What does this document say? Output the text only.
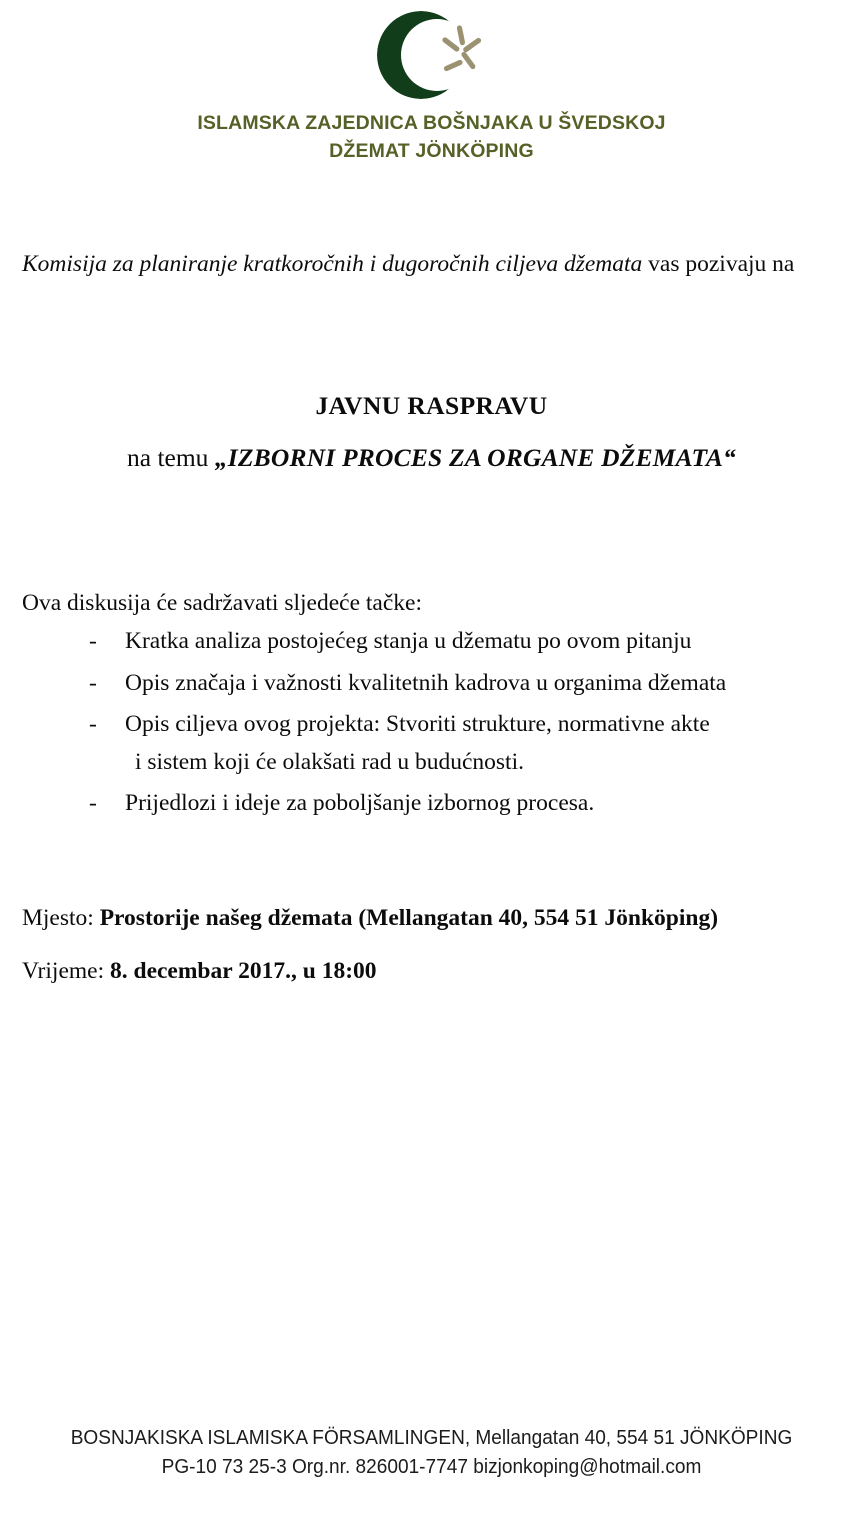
ISLAMSKA ZAJEDNICA BOŠNJAKA U ŠVEDSKOJ
DŽEMAT JÖNKÖPING
Komisija za planiranje kratkoročnih i dugoročnih ciljeva džemata vas pozivaju na
JAVNU RASPRAVU
na temu „IZBORNI PROCES ZA ORGANE DŽEMATA“
Ova diskusija će sadržavati sljedeće tačke:
- Kratka analiza postojećeg stanja u džematu po ovom pitanju
- Opis značaja i važnosti kvalitetnih kadrova u organima džemata
- Opis ciljeva ovog projekta: Stvoriti strukture, normativne akte
i sistem koji će olakšati rad u budućnosti.
- Prijedlozi i ideje za poboljšanje izbornog procesa.
Mjesto: Prostorije našeg džemata (Mellangatan 40, 554 51 Jönköping)
Vrijeme: 8. decembar 2017., u 18:00
BOSNJAKISKA ISLAMISKA FÖRSAMLINGEN, Mellangatan 40, 554 51 JÖNKÖPING
PG-10 73 25-3 Org.nr. 826001-7747 bizjonkoping@hotmail.com
